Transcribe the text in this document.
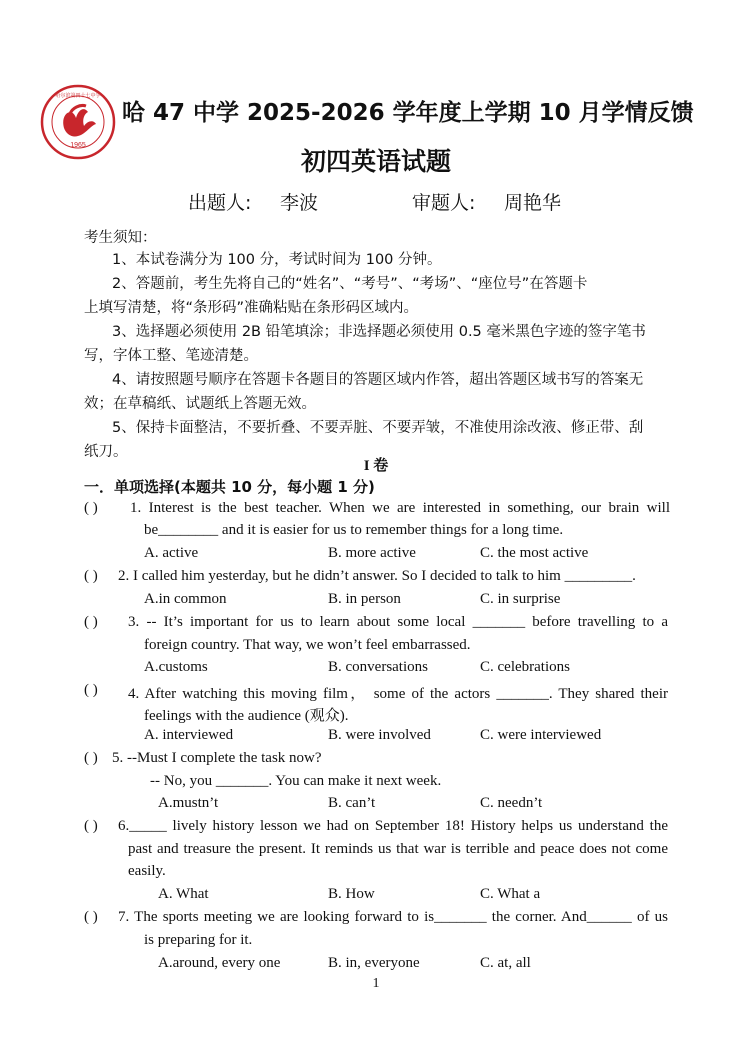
1965
哈尔滨第四十七中学
哈 47 中学 2025-2026 学年度上学期 10 月学情反馈
初四英语试题
出题人: 李波	审题人: 周艳华
考生须知：
1、本试卷满分为 100 分，考试时间为 100 分钟。
2、答题前，考生先将自己的“姓名”、“考号”、“考场”、“座位号”在答题卡
上填写清楚，将“条形码”准确粘贴在条形码区域内。
3、选择题必须使用 2B 铅笔填涂；非选择题必须使用 0.5 毫米黑色字迹的签字笔书
写，字体工整、笔迹清楚。
4、请按照题号顺序在答题卡各题目的答题区域内作答，超出答题区域书写的答案无
效；在草稿纸、试题纸上答题无效。
5、保持卡面整洁，不要折叠、不要弄脏、不要弄皱，不准使用涂改液、修正带、刮
纸刀。
I 卷
一．单项选择(本题共 10 分，每小题 1 分)
( ) 1. Interest is the best teacher. When we are interested in something, our brain will
be________ and it is easier for us to remember things for a long time.
A. active	B. more active	C. the most active
( ) 2. I called him yesterday, but he didn’t answer. So I decided to talk to him _________.
A.in common	B. in person	C. in surprise
( ) 3. -- It’s important for us to learn about some local _______ before travelling to a
foreign country. That way, we won’t feel embarrassed.
A.customs	B. conversations	C. celebrations
( ) 4. After watching this moving film， some of the actors _______. They shared their
feelings with the audience (观众).
A. interviewed	B. were involved	C. were interviewed
( ) 5. --Must I complete the task now?
-- No, you _______. You can make it next week.
A.mustn’t	B. can’t	C. needn’t
( ) 6._____ lively history lesson we had on September 18! History helps us understand the
past and treasure the present. It reminds us that war is terrible and peace does not come
easily.
A. What	B. How	C. What a
( ) 7. The sports meeting we are looking forward to is_______ the corner. And______ of us
is preparing for it.
A.around, every one	B. in, everyone	C. at, all
1
